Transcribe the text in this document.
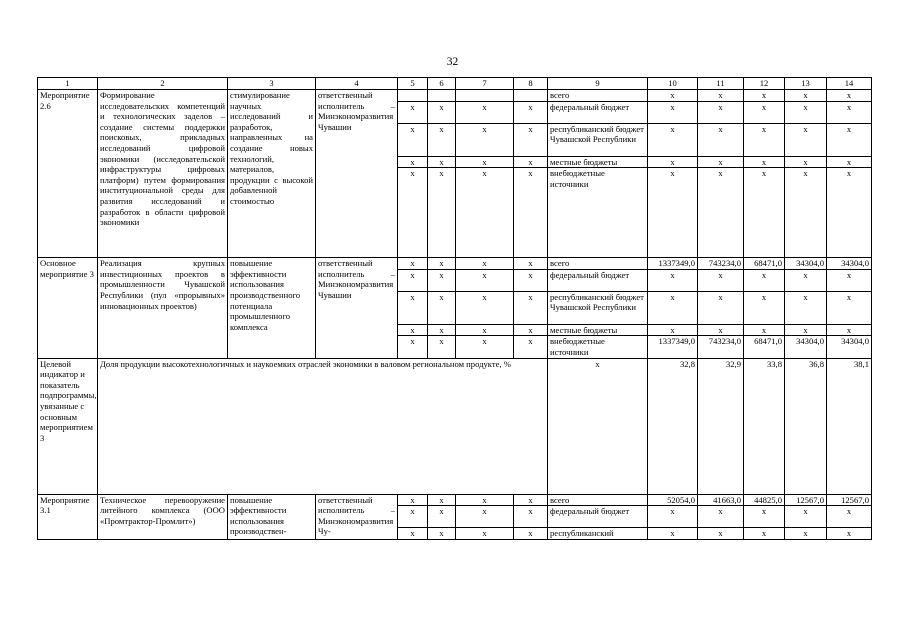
32
1	2	3	4	5	6	7	8	9	10	11	12	13	14
Мероприятие 2.6	Формирование исследовательских компетенций и технологических заделов – создание системы поддержки поисковых, прикладных исследований цифровой экономики (исследовательской инфраструктуры цифровых платформ) путем формирования институциональной среды для развития исследований и разработок в области цифровой экономики	стимулирование научных исследований и разработок, направленных на создание новых технологий, материалов, продукции с высокой добавленной стоимостью	ответственный исполнитель – Минэкономразвития Чувашии					всего	x	x	x	x	x
				x	x	x	x	федеральный бюджет	x	x	x	x	x
				x	x	x	x	республиканский бюджет Чувашской Республики	x	x	x	x	x
				x	x	x	x	местные бюджеты	x	x	x	x	x
				x	x	x	x	внебюджетные источники	x	x	x	x	x
Основное мероприятие 3	Реализация крупных инвестиционных проектов в промышленности Чувашской Республики (пул «прорывных» инновационных проектов)	повышение эффективности использования производственного потенциала промышленного комплекса	ответственный исполнитель – Минэкономразвития Чувашии	x	x	x	x	всего	1337349,0	743234,0	68471,0	34304,0	34304,0
				x	x	x	x	федеральный бюджет	x	x	x	x	x
				x	x	x	x	республиканский бюджет Чувашской Республики	x	x	x	x	x
				x	x	x	x	местные бюджеты	x	x	x	x	x
				x	x	x	x	внебюджетные источники	1337349,0	743234,0	68471,0	34304,0	34304,0
Целевой индикатор и показатель подпрограммы, увязанные с основным мероприятием 3	Доля продукции высокотехнологичных и наукоемких отраслей экономики в валовом региональном продукте, %							x	32,8	32,9	33,8	36,8	38,1
Мероприятие 3.1	Техническое перевооружение литейного комплекса (ООО «Промтрактор-Промлит»)	повышение эффективности использования производствен-	ответственный исполнитель – Минэкономразвития Чу-	x	x	x	x	всего	52054,0	41663,0	44825,0	12567,0	12567,0
				x	x	x	x	федеральный бюджет	x	x	x	x	x
				x	x	x	x	республиканский	x	x	x	x	x
